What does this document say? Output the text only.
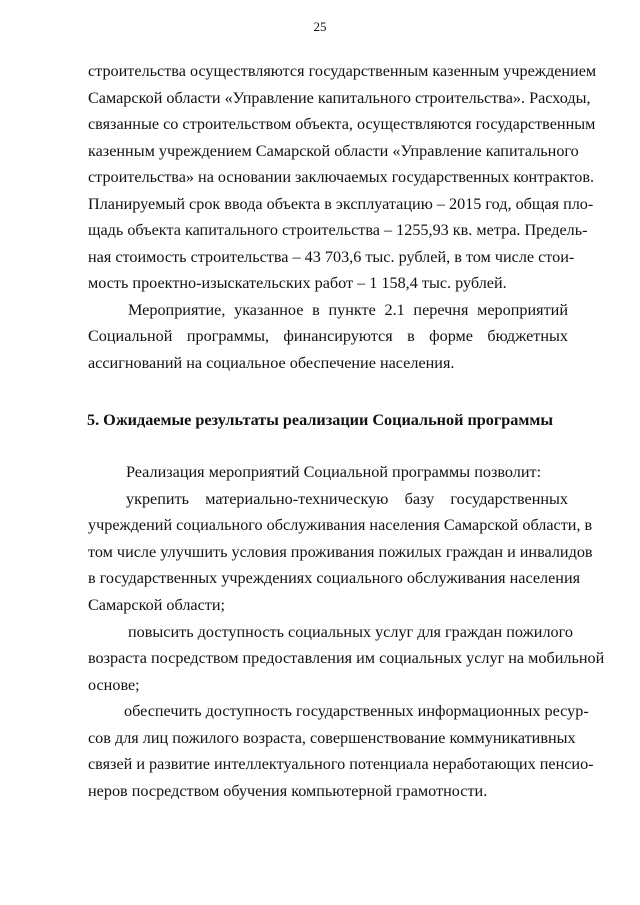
25
строительства осуществляются государственным казенным учреждением
Самарской области «Управление капитального строительства». Расходы,
связанные со строительством объекта, осуществляются государственным
казенным учреждением Самарской области «Управление капитального
строительства» на основании заключаемых государственных контрактов.
Планируемый срок ввода объекта в эксплуатацию – 2015 год, общая пло-
щадь объекта капитального строительства – 1255,93 кв. метра. Предель-
ная стоимость строительства – 43 703,6 тыс. рублей, в том числе стои-
мость проектно-изыскательских работ – 1 158,4 тыс. рублей.
Мероприятие, указанное в пункте 2.1 перечня мероприятий
Социальной программы, финансируются в форме бюджетных
ассигнований на социальное обеспечение населения.
5. Ожидаемые результаты реализации Социальной программы
Реализация мероприятий Социальной программы позволит:
укрепить материально-техническую базу государственных
учреждений социального обслуживания населения Самарской области, в
том числе улучшить условия проживания пожилых граждан и инвалидов
в государственных учреждениях социального обслуживания населения
Самарской области;
повысить доступность социальных услуг для граждан пожилого
возраста посредством предоставления им социальных услуг на мобильной
основе;
обеспечить доступность государственных информационных ресур-
сов для лиц пожилого возраста, совершенствование коммуникативных
связей и развитие интеллектуального потенциала неработающих пенсио-
неров посредством обучения компьютерной грамотности.
